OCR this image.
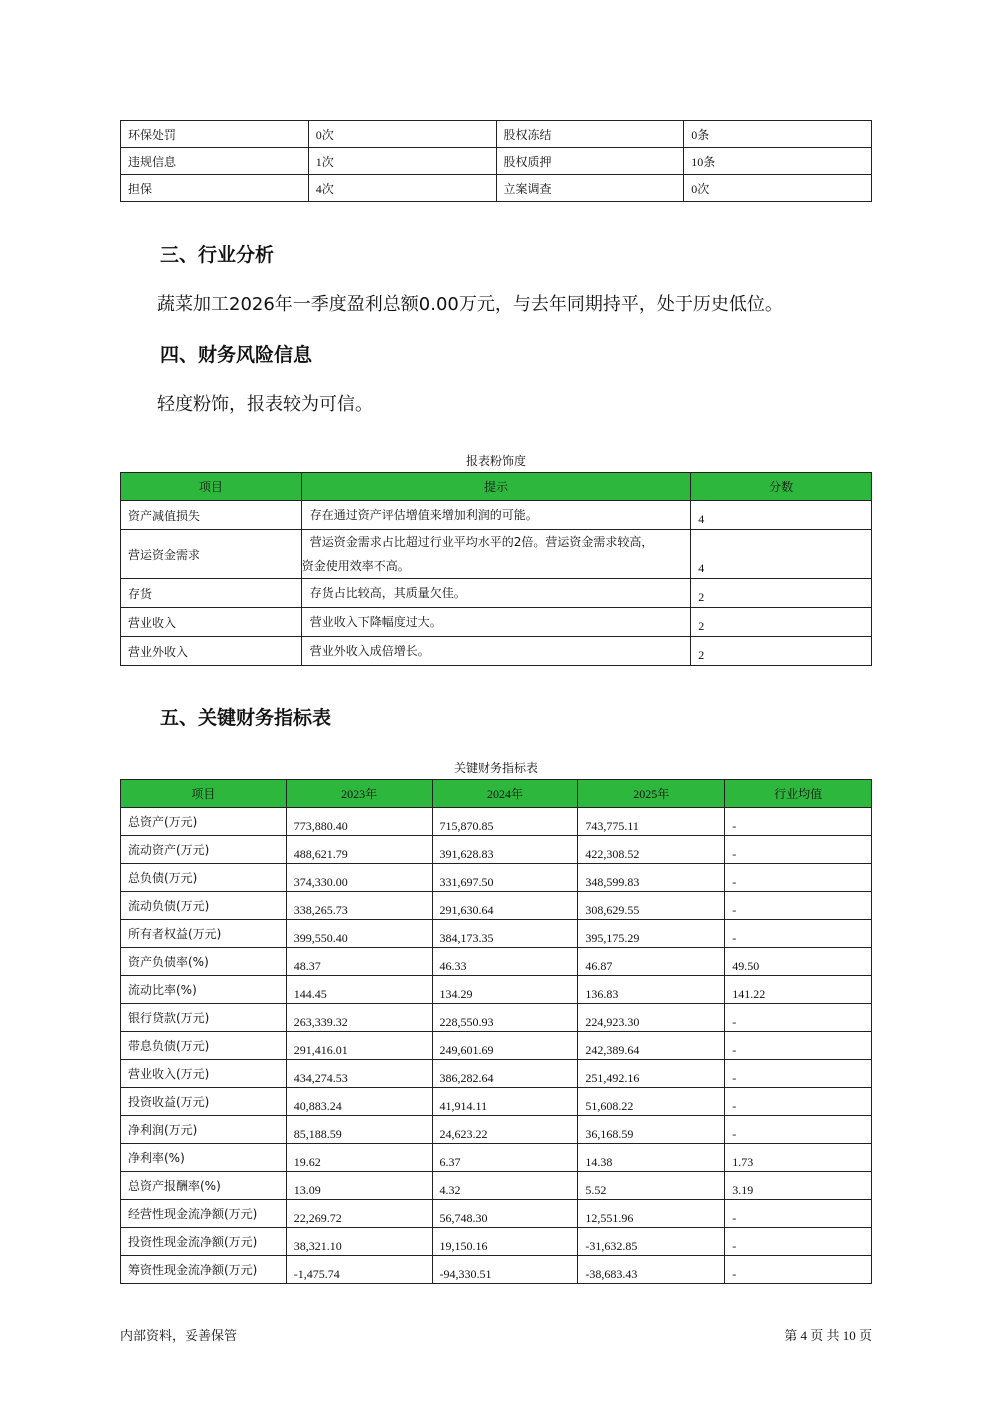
环保处罚	0次	股权冻结	0条
违规信息	1次	股权质押	10条
担保	4次	立案调查	0次
三、行业分析

蔬菜加工2026年一季度盈利总额0.00万元，与去年同期持平，处于历史低位。

四、财务风险信息

轻度粉饰，报表较为可信。

报表粉饰度

项目	提示	分数
资产减值损失	存在通过资产评估增值来增加利润的可能。	4
营运资金需求	营运资金需求占比超过行业平均水平的2倍。营运资金需求较高，
资金使用效率不高。	4
存货	存货占比较高，其质量欠佳。	2
营业收入	营业收入下降幅度过大。	2
营业外收入	营业外收入成倍增长。	2
五、关键财务指标表

关键财务指标表

项目	2023年	2024年	2025年	行业均值
总资产(万元)	773,880.40	715,870.85	743,775.11	-
流动资产(万元)	488,621.79	391,628.83	422,308.52	-
总负债(万元)	374,330.00	331,697.50	348,599.83	-
流动负债(万元)	338,265.73	291,630.64	308,629.55	-
所有者权益(万元)	399,550.40	384,173.35	395,175.29	-
资产负债率(%)	48.37	46.33	46.87	49.50
流动比率(%)	144.45	134.29	136.83	141.22
银行贷款(万元)	263,339.32	228,550.93	224,923.30	-
带息负债(万元)	291,416.01	249,601.69	242,389.64	-
营业收入(万元)	434,274.53	386,282.64	251,492.16	-
投资收益(万元)	40,883.24	41,914.11	51,608.22	-
净利润(万元)	85,188.59	24,623.22	36,168.59	-
净利率(%)	19.62	6.37	14.38	1.73
总资产报酬率(%)	13.09	4.32	5.52	3.19
经营性现金流净额(万元)	22,269.72	56,748.30	12,551.96	-
投资性现金流净额(万元)	38,321.10	19,150.16	-31,632.85	-
筹资性现金流净额(万元)	-1,475.74	-94,330.51	-38,683.43	-
内部资料，妥善保管	第 4 页 共 10 页
